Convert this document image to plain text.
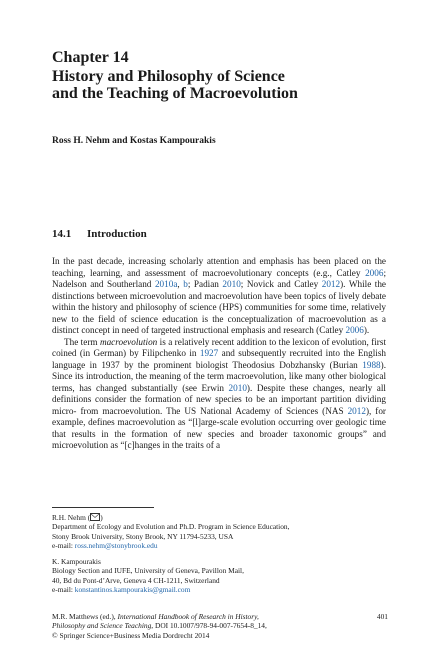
Chapter 14
History and Philosophy of Science
and the Teaching of Macroevolution
Ross H. Nehm and Kostas Kampourakis
14.1 Introduction

In the past decade, increasing scholarly attention and emphasis has been placed on the teaching, learning, and assessment of macroevolutionary concepts (e.g., Catley 2006; Nadelson and Southerland 2010a, b; Padian 2010; Novick and Catley 2012). While the distinctions between microevolution and macroevolution have been topics of lively debate within the history and philosophy of science (HPS) communities for some time, relatively new to the field of science education is the conceptualization of macroevolution as a distinct concept in need of targeted instructional emphasis and research (Catley 2006).

The term macroevolution is a relatively recent addition to the lexicon of evolution, first coined (in German) by Filipchenko in 1927 and subsequently recruited into the English language in 1937 by the prominent biologist Theodosius Dobzhansky (Burian 1988). Since its introduction, the meaning of the term macroevolution, like many other biological terms, has changed substantially (see Erwin 2010). Despite these changes, nearly all definitions consider the formation of new species to be an important partition dividing micro- from macroevolution. The US National Academy of Sciences (NAS 2012), for example, defines macroevolution as “[l]arge-scale evolution occurring over geologic time that results in the formation of new species and broader taxonomic groups” and microevolution as “[c]hanges in the traits of a

R.H. Nehm ( )
Department of Ecology and Evolution and Ph.D. Program in Science Education,
Stony Brook University, Stony Brook, NY 11794-5233, USA
e-mail: ross.nehm@stonybrook.edu
K. Kampourakis
Biology Section and IUFE, University of Geneva, Pavillon Mail,
40, Bd du Pont-d’Arve, Geneva 4 CH-1211, Switzerland
e-mail: konstantinos.kampourakis@gmail.com
M.R. Matthews (ed.), International Handbook of Research in History,
Philosophy and Science Teaching, DOI 10.1007/978-94-007-7654-8_14,
© Springer Science+Business Media Dordrecht 2014
401
